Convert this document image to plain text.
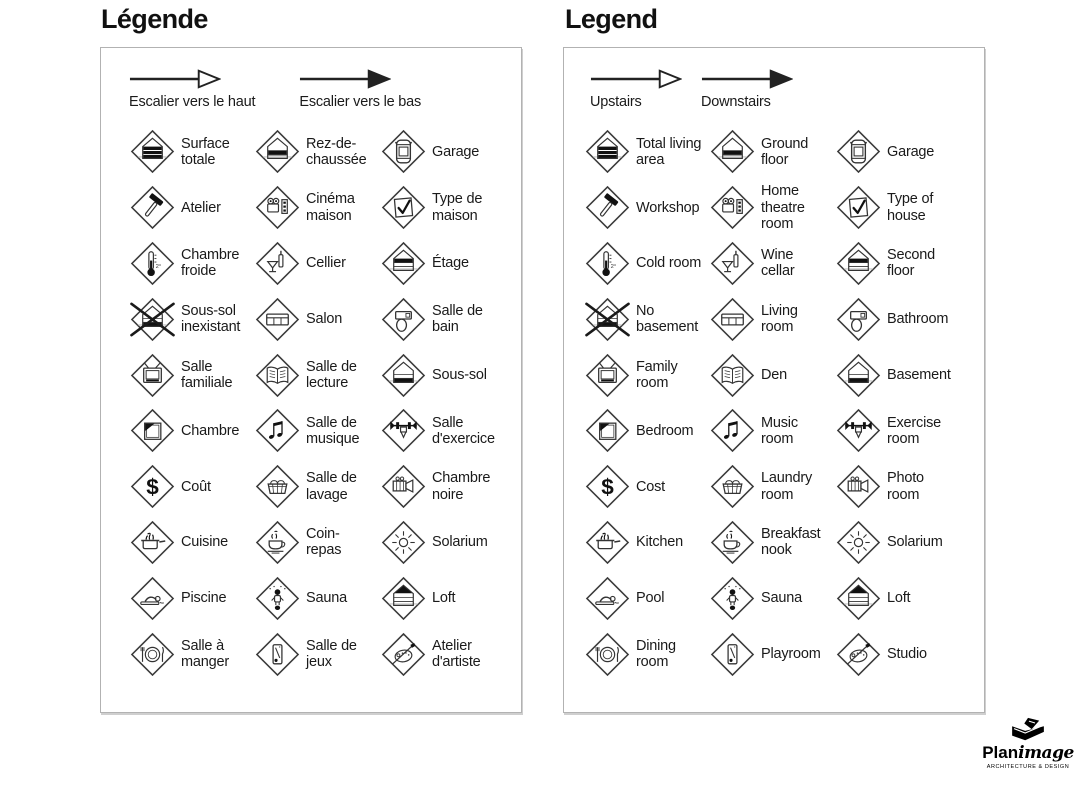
Légende	Legend
Escalier vers le haut	Escalier vers le bas
Surface totale
Rez-de-chaussée
Garage
Atelier
Cinéma maison
Type de maison
2°
Chambre froide
Cellier	Étage
Sous-sol inexistant
Salon
Salle de bain
Salle familiale
Salle de lecture
Sous-sol
Chambre
Salle de musique
Salle d'exercice
$ Coût
Salle de lavage
Chambre noire
Cuisine
Coin-repas
Solarium
Piscine	Sauna	Loft
Salle à manger
Salle de jeux
Atelier d'artiste
Upstairs	Downstairs
Total living area
Ground floor
Garage
Workshop
Home theatre room
Type of house
2° Cold room
Wine cellar
Second floor
No basement
Living room
Bathroom
Family room
Den	Basement
Bedroom
Music room
Exercise room
$ Cost
Laundry room
Photo room
Kitchen
Breakfast nook
Solarium
Pool	Sauna	Loft
Dining room
Playroom	Studio
Planimage
ARCHITECTURE & DESIGN
